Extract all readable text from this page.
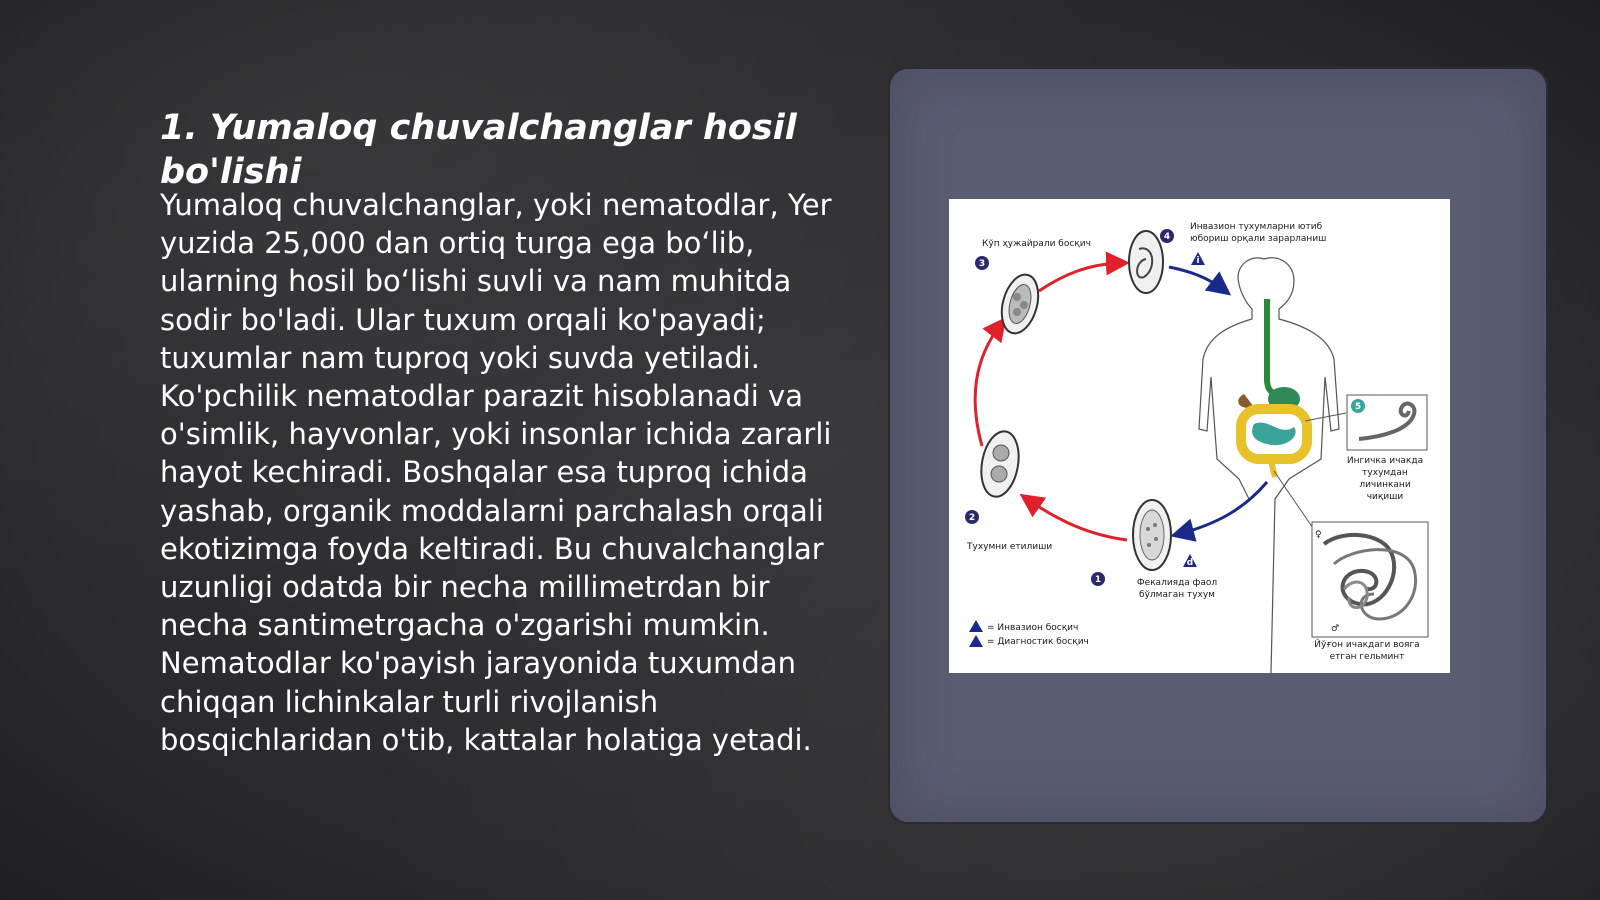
1. Yumaloq chuvalchanglar hosil bo'lishi

Yumaloq chuvalchanglar, yoki nematodlar, Yer yuzida 25,000 dan ortiq turga ega bo‘lib, ularning hosil bo‘lishi suvli va nam muhitda sodir bo'ladi. Ular tuxum orqali ko'payadi; tuxumlar nam tuproq yoki suvda yetiladi. Ko'pchilik nematodlar parazit hisoblanadi va o'simlik, hayvonlar, yoki insonlar ichida zararli hayot kechiradi. Boshqalar esa tuproq ichida yashab, organik moddalarni parchalash orqali ekotizimga foyda keltiradi. Bu chuvalchanglar uzunligi odatda bir necha millimetrdan bir necha santimetrgacha o'zgarishi mumkin. Nematodlar ko'payish jarayonida tuxumdan chiqqan lichinkalar turli rivojlanish bosqichlaridan o'tib, kattalar holatiga yetadi.

3
4
2
1
5
i
d
Кўп ҳужайрали босқич
Инвазион тухумларни ютиб
юбориш орқали зарарланиш
Тухумни етилиши
Фекалияда фаол
бўлмаган тухум
Ингичка ичакда
тухумдан
личинкани
чиқиши
Йўғон ичакдаги вояга
етган гельминт
♀
♂
= Инвазион босқич
= Диагностик босқич
